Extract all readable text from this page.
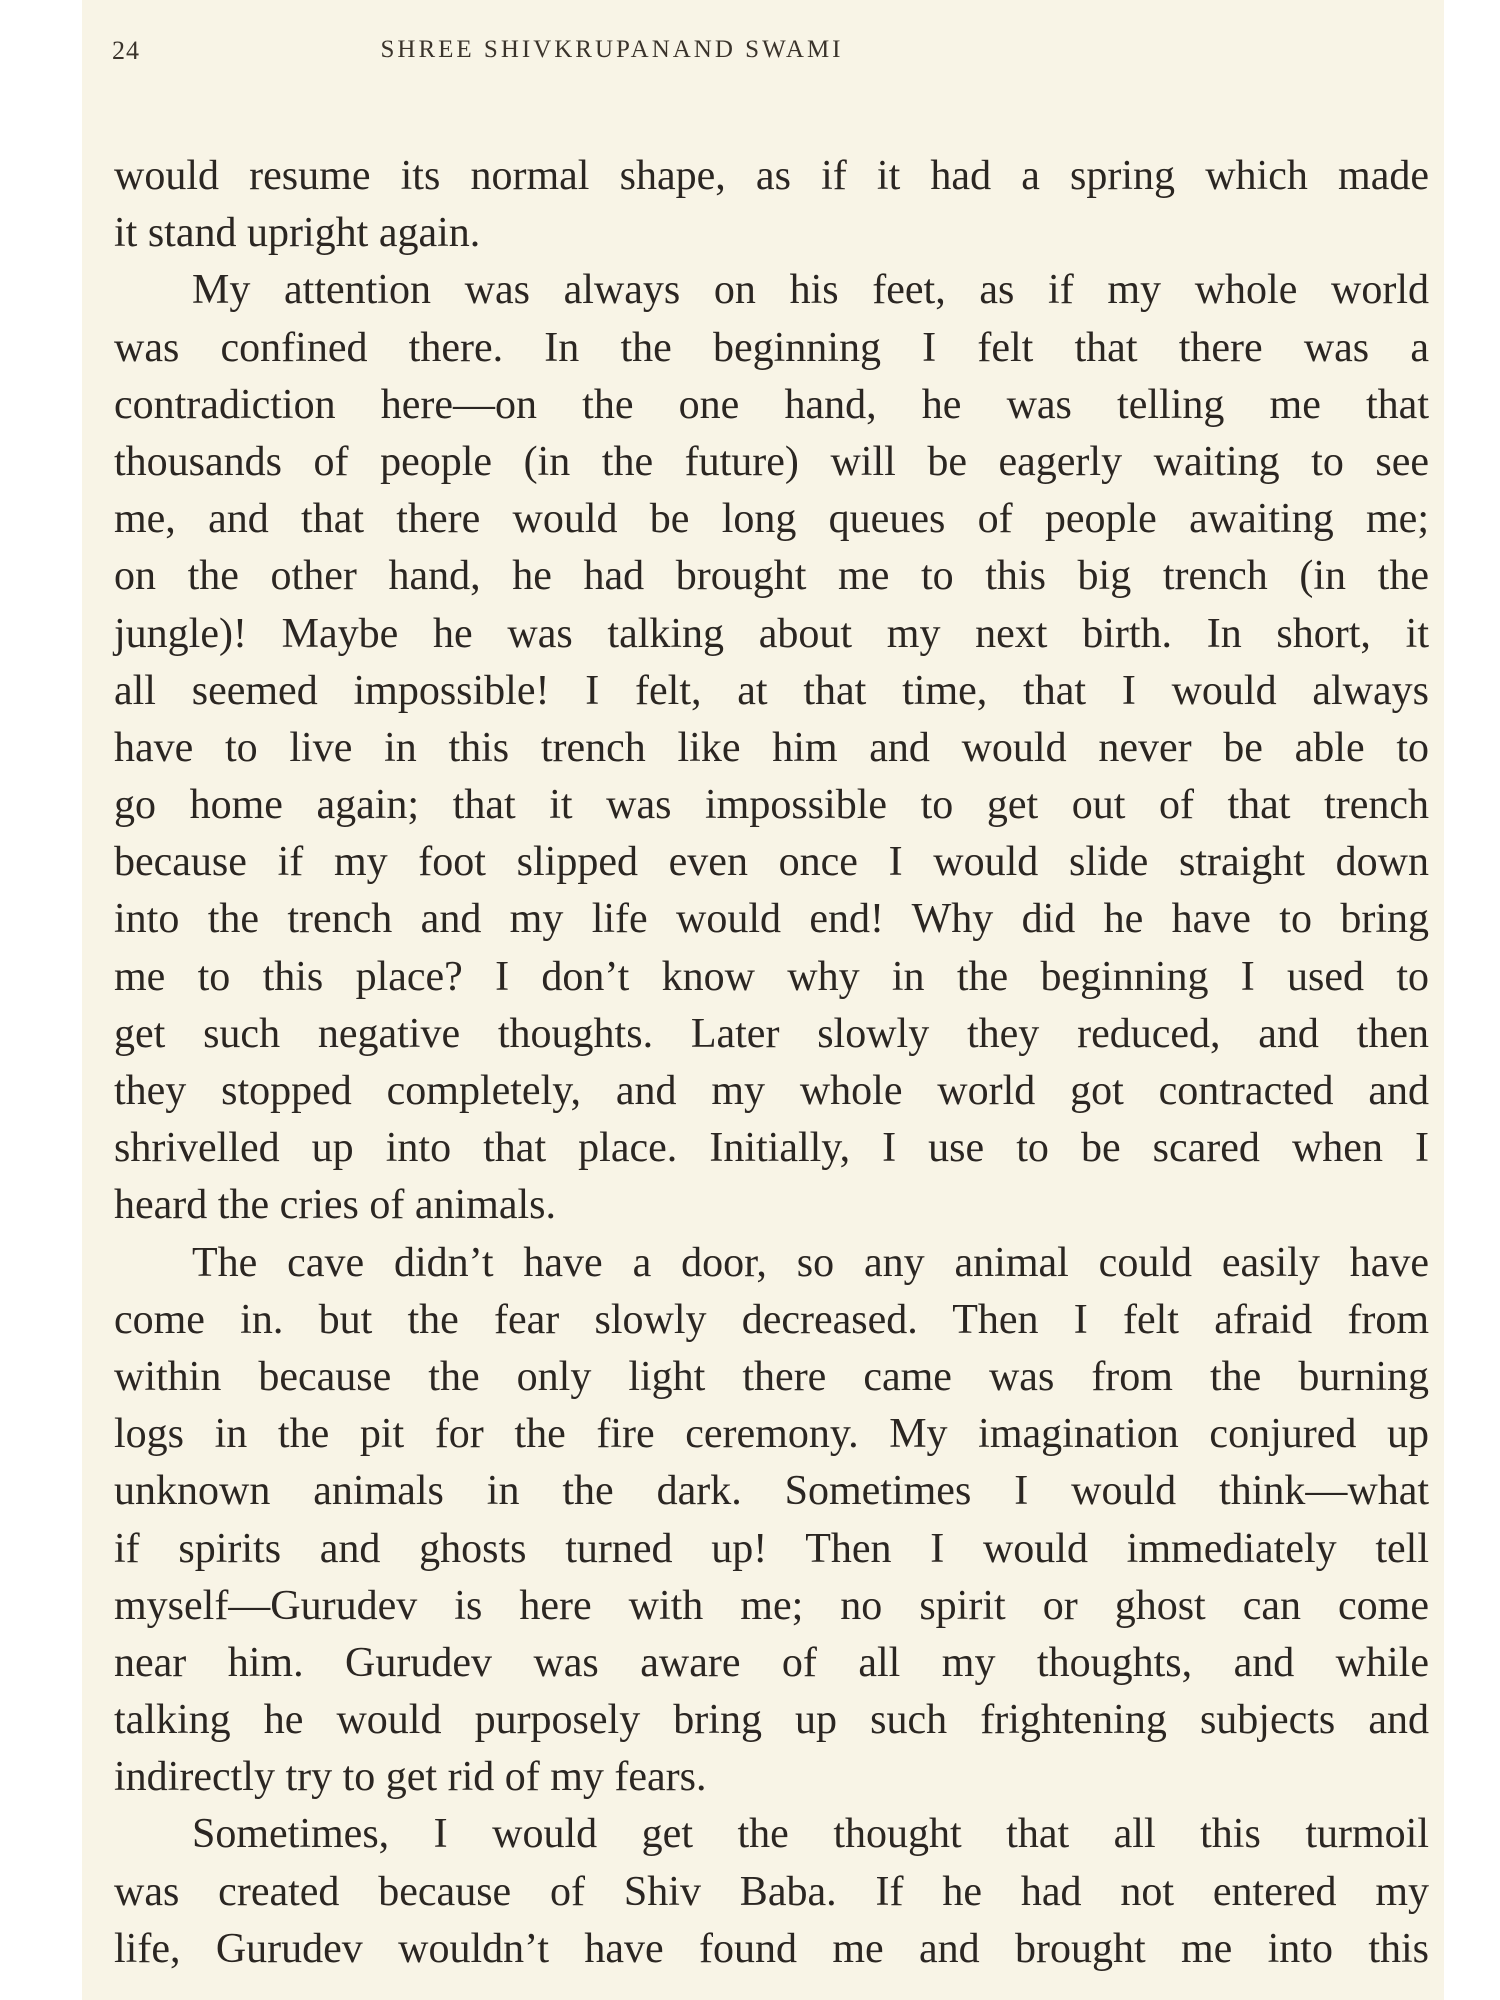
24	SHREE SHIVKRUPANAND SWAMI
would resume its normal shape, as if it had a spring which made
it stand upright again.
My attention was always on his feet, as if my whole world
was confined there. In the beginning I felt that there was a
contradiction here—on the one hand, he was telling me that
thousands of people (in the future) will be eagerly waiting to see
me, and that there would be long queues of people awaiting me;
on the other hand, he had brought me to this big trench (in the
jungle)! Maybe he was talking about my next birth. In short, it
all seemed impossible! I felt, at that time, that I would always
have to live in this trench like him and would never be able to
go home again; that it was impossible to get out of that trench
because if my foot slipped even once I would slide straight down
into the trench and my life would end! Why did he have to bring
me to this place? I don’t know why in the beginning I used to
get such negative thoughts. Later slowly they reduced, and then
they stopped completely, and my whole world got contracted and
shrivelled up into that place. Initially, I use to be scared when I
heard the cries of animals.
The cave didn’t have a door, so any animal could easily have
come in. but the fear slowly decreased. Then I felt afraid from
within because the only light there came was from the burning
logs in the pit for the fire ceremony. My imagination conjured up
unknown animals in the dark. Sometimes I would think—what
if spirits and ghosts turned up! Then I would immediately tell
myself—Gurudev is here with me; no spirit or ghost can come
near him. Gurudev was aware of all my thoughts, and while
talking he would purposely bring up such frightening subjects and
indirectly try to get rid of my fears.
Sometimes, I would get the thought that all this turmoil
was created because of Shiv Baba. If he had not entered my
life, Gurudev wouldn’t have found me and brought me into this
